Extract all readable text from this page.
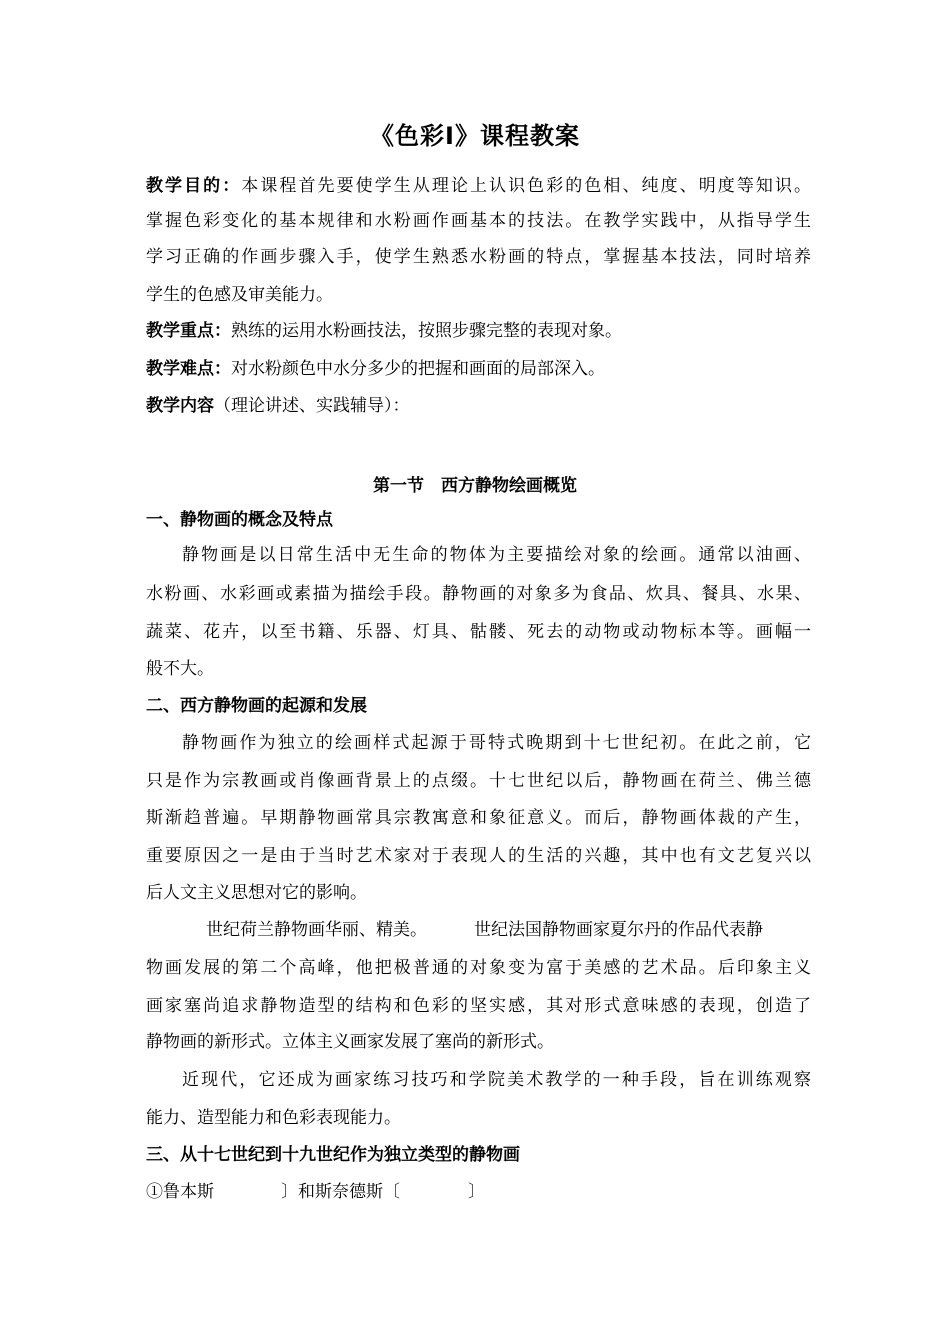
《色彩Ⅰ》课程教案
教学目的：本课程首先要使学生从理论上认识色彩的色相、纯度、明度等知识。
掌握色彩变化的基本规律和水粉画作画基本的技法。在教学实践中，从指导学生
学习正确的作画步骤入手，使学生熟悉水粉画的特点，掌握基本技法，同时培养
学生的色感及审美能力。
教学重点：熟练的运用水粉画技法，按照步骤完整的表现对象。
教学难点：对水粉颜色中水分多少的把握和画面的局部深入。
教学内容（理论讲述、实践辅导）：
第一节　西方静物绘画概览
一、静物画的概念及特点
静物画是以日常生活中无生命的物体为主要描绘对象的绘画。通常以油画、
水粉画、水彩画或素描为描绘手段。静物画的对象多为食品、炊具、餐具、水果、
蔬菜、花卉，以至书籍、乐器、灯具、骷髅、死去的动物或动物标本等。画幅一
般不大。
二、西方静物画的起源和发展
静物画作为独立的绘画样式起源于哥特式晚期到十七世纪初。在此之前，它
只是作为宗教画或肖像画背景上的点缀。十七世纪以后，静物画在荷兰、佛兰德
斯渐趋普遍。早期静物画常具宗教寓意和象征意义。而后，静物画体裁的产生，
重要原因之一是由于当时艺术家对于表现人的生活的兴趣，其中也有文艺复兴以
后人文主义思想对它的影响。
世纪荷兰静物画华丽、精美。	世纪法国静物画家夏尔丹的作品代表静
物画发展的第二个高峰，他把极普通的对象变为富于美感的艺术品。后印象主义
画家塞尚追求静物造型的结构和色彩的坚实感，其对形式意味感的表现，创造了
静物画的新形式。立体主义画家发展了塞尚的新形式。
近现代，它还成为画家练习技巧和学院美术教学的一种手段，旨在训练观察
能力、造型能力和色彩表现能力。
三、从十七世纪到十九世纪作为独立类型的静物画
①鲁本斯	〕和斯奈德斯〔	〕
